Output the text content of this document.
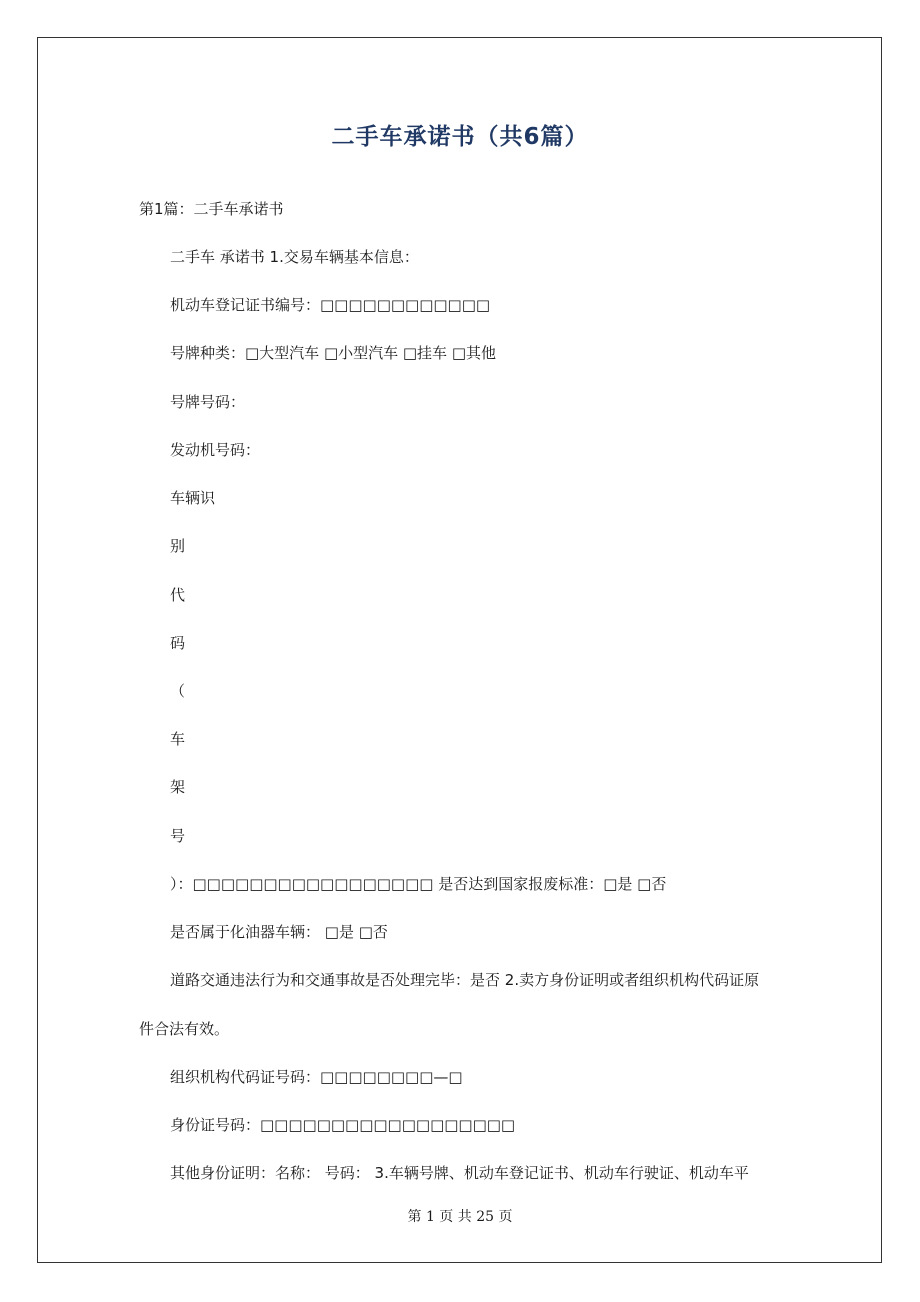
二手车承诺书（共6篇）
第1篇：二手车承诺书
二手车 承诺书 1.交易车辆基本信息：
机动车登记证书编号：□□□□□□□□□□□□
号牌种类：□大型汽车 □小型汽车 □挂车 □其他
号牌号码：
发动机号码：
车辆识
别
代
码
（
车
架
号
）：□□□□□□□□□□□□□□□□□ 是否达到国家报废标准：□是 □否
是否属于化油器车辆： □是 □否
道路交通违法行为和交通事故是否处理完毕：是否 2.卖方身份证明或者组织机构代码证原
件合法有效。
组织机构代码证号码：□□□□□□□□—□
身份证号码：□□□□□□□□□□□□□□□□□□
其他身份证明：名称： 号码： 3.车辆号牌、机动车登记证书、机动车行驶证、机动车平
第 1 页 共 25 页
